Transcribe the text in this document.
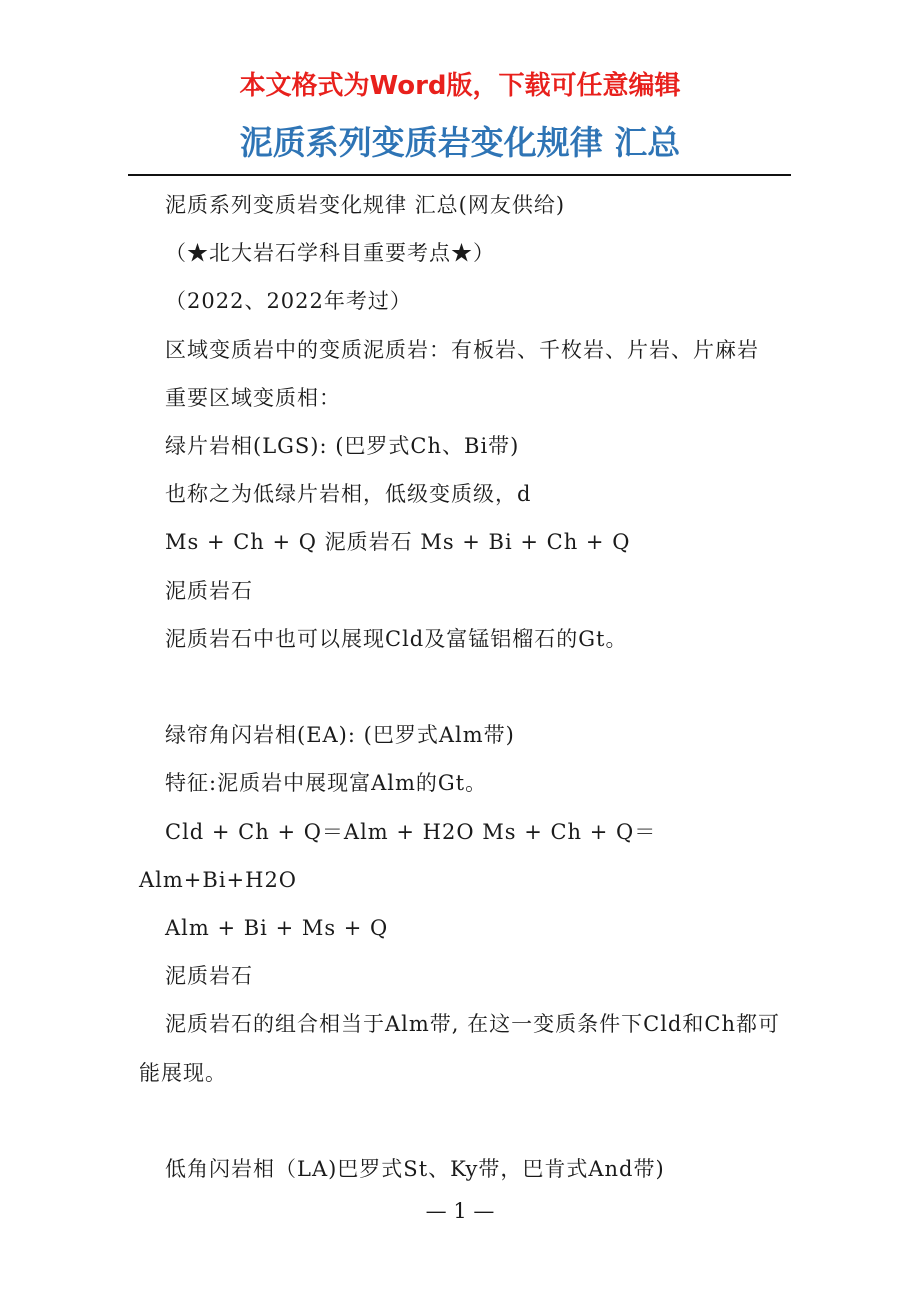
本文格式为Word版，下载可任意编辑
泥质系列变质岩变化规律 汇总

泥质系列变质岩变化规律 汇总(网友供给)

（★北大岩石学科目重要考点★）

（2022、2022年考过）

区域变质岩中的变质泥质岩：有板岩、千枚岩、片岩、片麻岩

重要区域变质相：

绿片岩相(LGS): (巴罗式Ch、Bi带)

也称之为低绿片岩相，低级变质级，d

Ms + Ch + Q 泥质岩石 Ms + Bi + Ch + Q

泥质岩石

泥质岩石中也可以展现Cld及富锰铝榴石的Gt。

绿帘角闪岩相(EA): (巴罗式Alm带)

特征:泥质岩中展现富Alm的Gt。

Cld + Ch + Q＝Alm + H2O Ms + Ch + Q＝Alm+Bi+H2O

Alm + Bi + Ms + Q

泥质岩石

泥质岩石的组合相当于Alm带, 在这一变质条件下Cld和Ch都可能展现。

低角闪岩相（LA)巴罗式St、Ky带，巴肯式And带)

— 1 —
